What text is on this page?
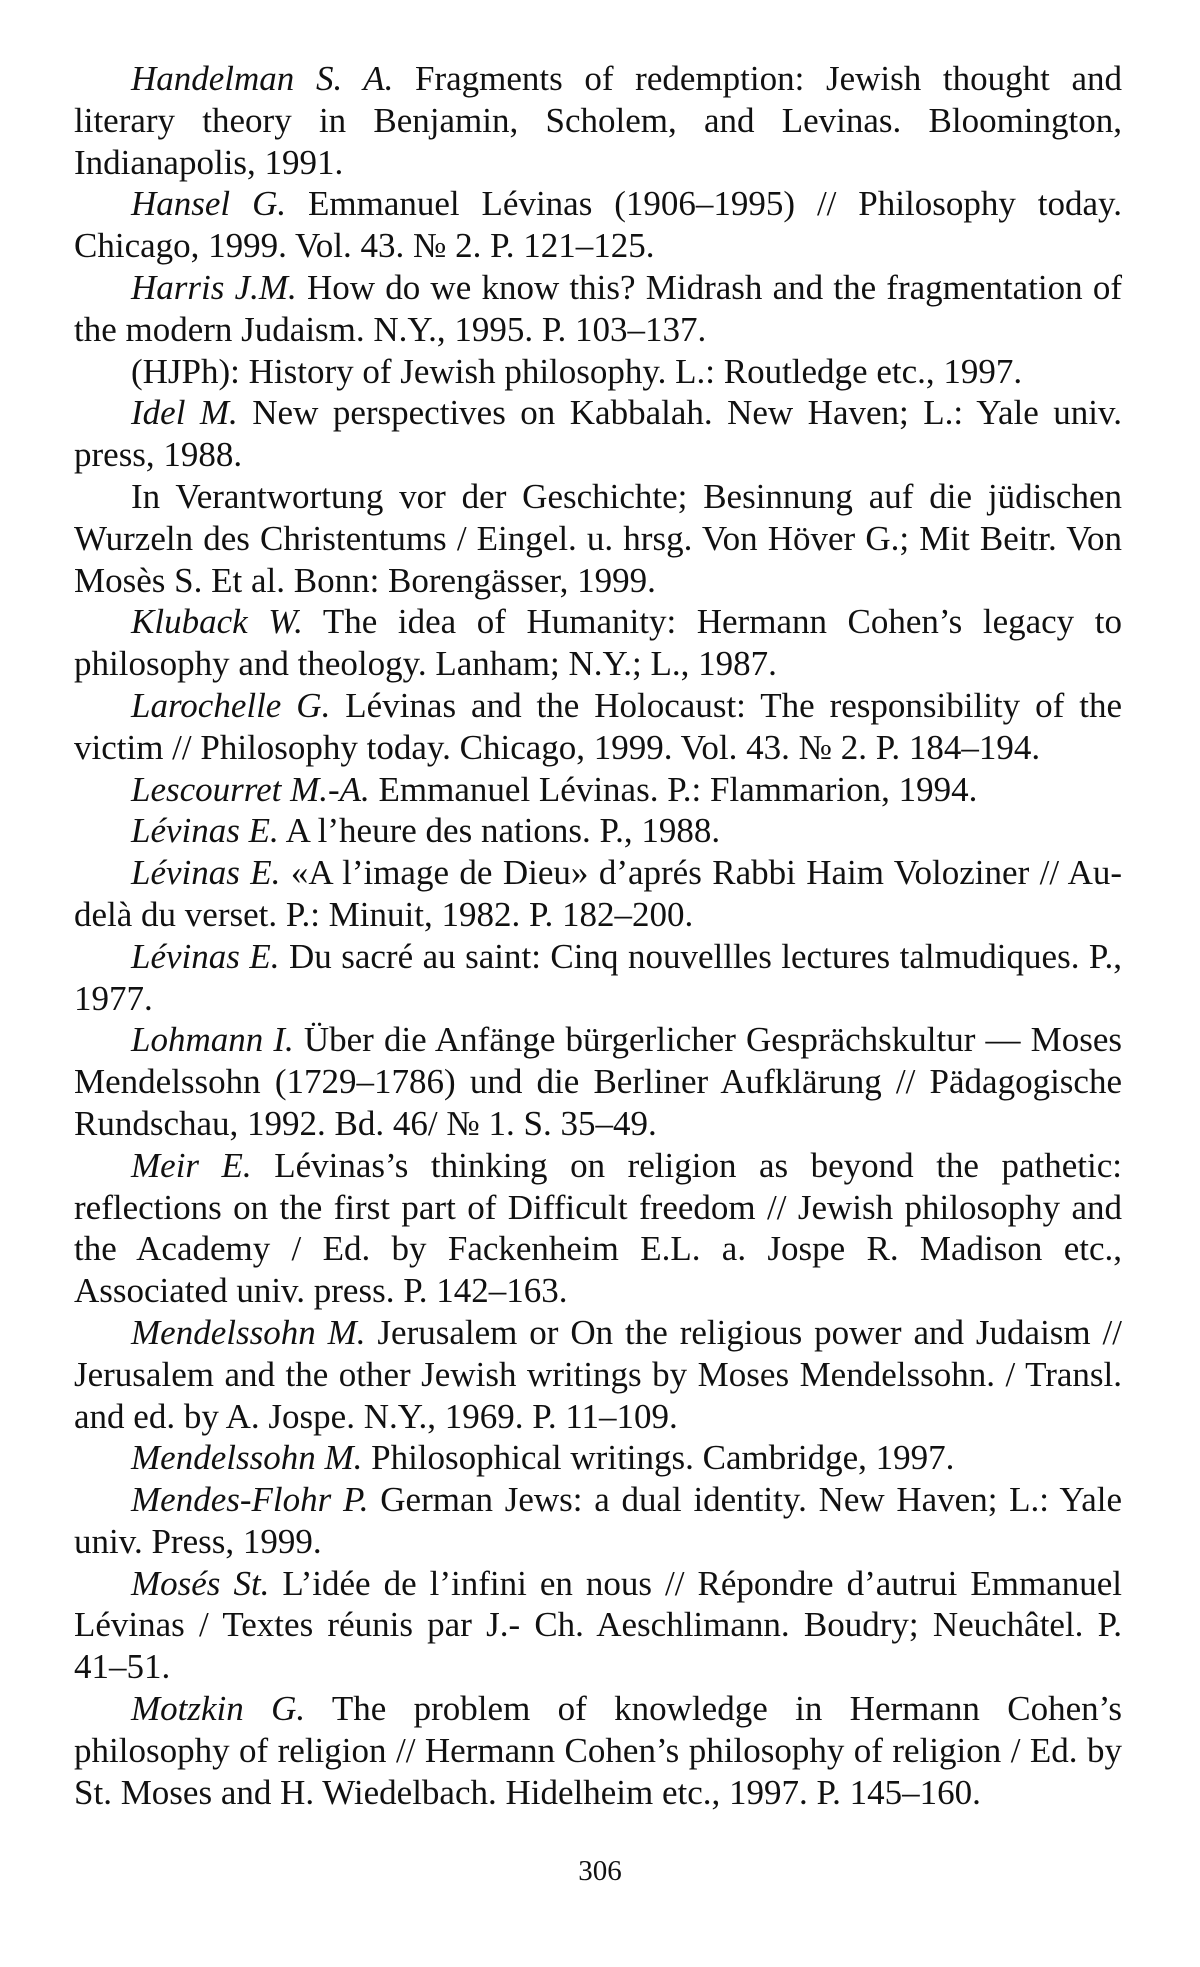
Handelman S. A. Fragments of redemption: Jewish thought and literary theory in Benjamin, Scholem, and Levinas. Bloomington, Indianapolis, 1991.

Hansel G. Emmanuel Lévinas (1906–1995) // Philosophy today. Chicago, 1999. Vol. 43. № 2. P. 121–125.

Harris J.M. How do we know this? Midrash and the fragmentation of the modern Judaism. N.Y., 1995. P. 103–137.

(HJPh): History of Jewish philosophy. L.: Routledge etc., 1997.

Idel M. New perspectives on Kabbalah. New Haven; L.: Yale univ. press, 1988.

In Verantwortung vor der Geschichte; Besinnung auf die jüdischen Wurzeln des Christentums / Eingel. u. hrsg. Von Höver G.; Mit Beitr. Von Mosès S. Et al. Bonn: Borengässer, 1999.

Kluback W. The idea of Humanity: Hermann Cohen’s legacy to philosophy and theology. Lanham; N.Y.; L., 1987.

Larochelle G. Lévinas and the Holocaust: The responsibility of the victim // Philosophy today. Chicago, 1999. Vol. 43. № 2. P. 184–194.

Lescourret M.-A. Emmanuel Lévinas. P.: Flammarion, 1994.

Lévinas E. A l’heure des nations. P., 1988.

Lévinas E. «A l’image de Dieu» d’aprés Rabbi Haim Voloziner // Au-delà du verset. P.: Minuit, 1982. P. 182–200.

Lévinas E. Du sacré au saint: Cinq nouvellles lectures talmudiques. P., 1977.

Lohmann I. Über die Anfänge bürgerlicher Gesprächskultur — Moses Mendelssohn (1729–1786) und die Berliner Aufklärung // Pädagogische Rundschau, 1992. Bd. 46/ № 1. S. 35–49.

Meir E. Lévinas’s thinking on religion as beyond the pathetic: reflections on the first part of Difficult freedom // Jewish philosophy and the Academy / Ed. by Fackenheim E.L. a. Jospe R. Madison etc., Associated univ. press. P. 142–163.

Mendelssohn M. Jerusalem or On the religious power and Judaism // Jerusalem and the other Jewish writings by Moses Mendelssohn. / Transl. and ed. by A. Jospe. N.Y., 1969. P. 11–109.

Mendelssohn M. Philosophical writings. Cambridge, 1997.

Mendes-Flohr P. German Jews: a dual identity. New Haven; L.: Yale univ. Press, 1999.

Mosés St. L’idée de l’infini en nous // Répondre d’autrui Emmanuel Lévinas / Textes réunis par J.- Ch. Aeschlimann. Boudry; Neuchâtel. P. 41–51.

Motzkin G. The problem of knowledge in Hermann Cohen’s philosophy of religion // Hermann Cohen’s philosophy of religion / Ed. by St. Moses and H. Wiedelbach. Hidelheim etc., 1997. P. 145–160.

306
